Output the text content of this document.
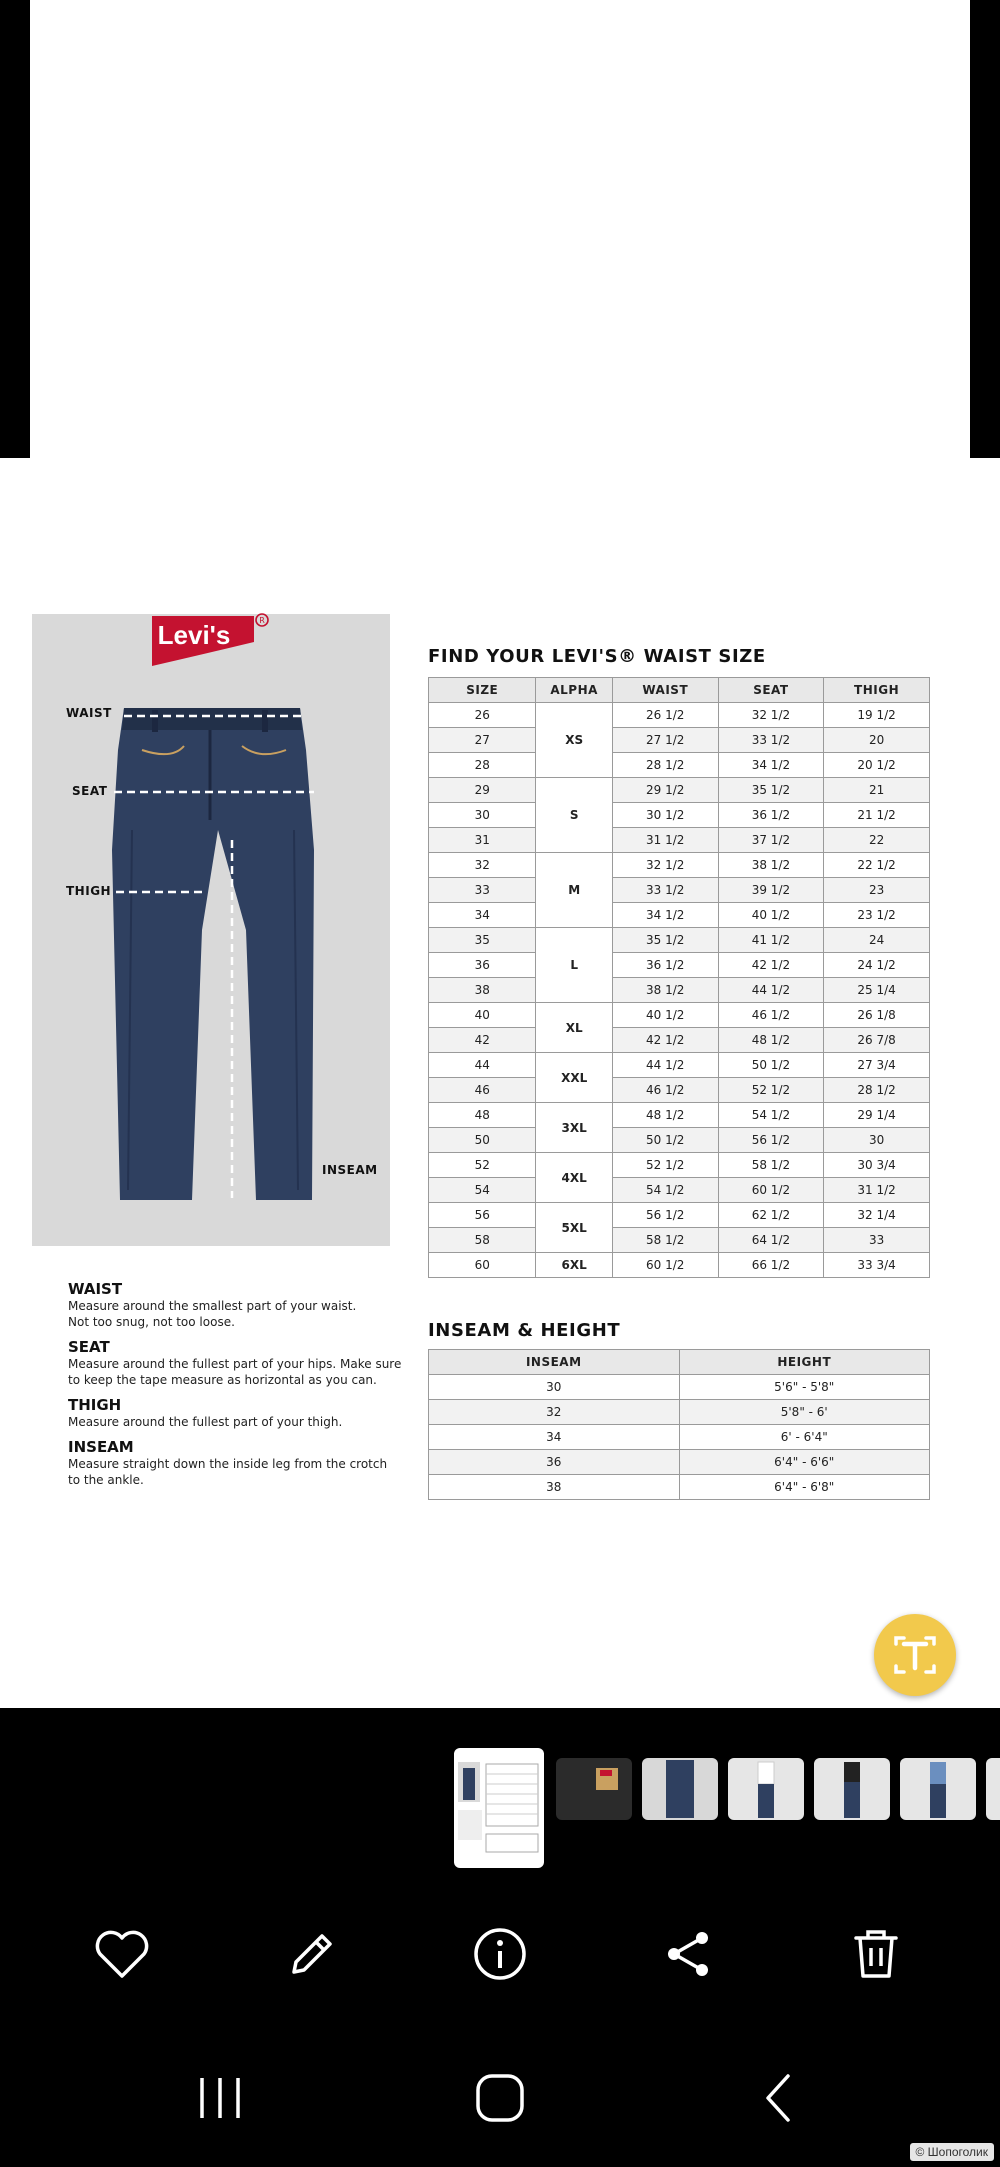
Levi's	R
WAIST
SEAT
THIGH
INSEAM
WAIST
Measure around the smallest part of your waist.
Not too snug, not too loose.
SEAT
Measure around the fullest part of your hips. Make sure
to keep the tape measure as horizontal as you can.
THIGH
Measure around the fullest part of your thigh.
INSEAM
Measure straight down the inside leg from the crotch
to the ankle.
FIND YOUR LEVI'S® WAIST SIZE
SIZE	ALPHA	WAIST	SEAT	THIGH
26	XS	26 1/2	32 1/2	19 1/2
27		27 1/2	33 1/2	20
28		28 1/2	34 1/2	20 1/2
29	S	29 1/2	35 1/2	21
30		30 1/2	36 1/2	21 1/2
31		31 1/2	37 1/2	22
32	M	32 1/2	38 1/2	22 1/2
33		33 1/2	39 1/2	23
34		34 1/2	40 1/2	23 1/2
35	L	35 1/2	41 1/2	24
36		36 1/2	42 1/2	24 1/2
38		38 1/2	44 1/2	25 1/4
40	XL	40 1/2	46 1/2	26 1/8
42		42 1/2	48 1/2	26 7/8
44	XXL	44 1/2	50 1/2	27 3/4
46		46 1/2	52 1/2	28 1/2
48	3XL	48 1/2	54 1/2	29 1/4
50		50 1/2	56 1/2	30
52	4XL	52 1/2	58 1/2	30 3/4
54		54 1/2	60 1/2	31 1/2
56	5XL	56 1/2	62 1/2	32 1/4
58		58 1/2	64 1/2	33
60	6XL	60 1/2	66 1/2	33 3/4
INSEAM & HEIGHT
INSEAM	HEIGHT
30	5'6" - 5'8"
32	5'8" - 6'
34	6' - 6'4"
36	6'4" - 6'6"
38	6'4" - 6'8"
© Шопоголик
